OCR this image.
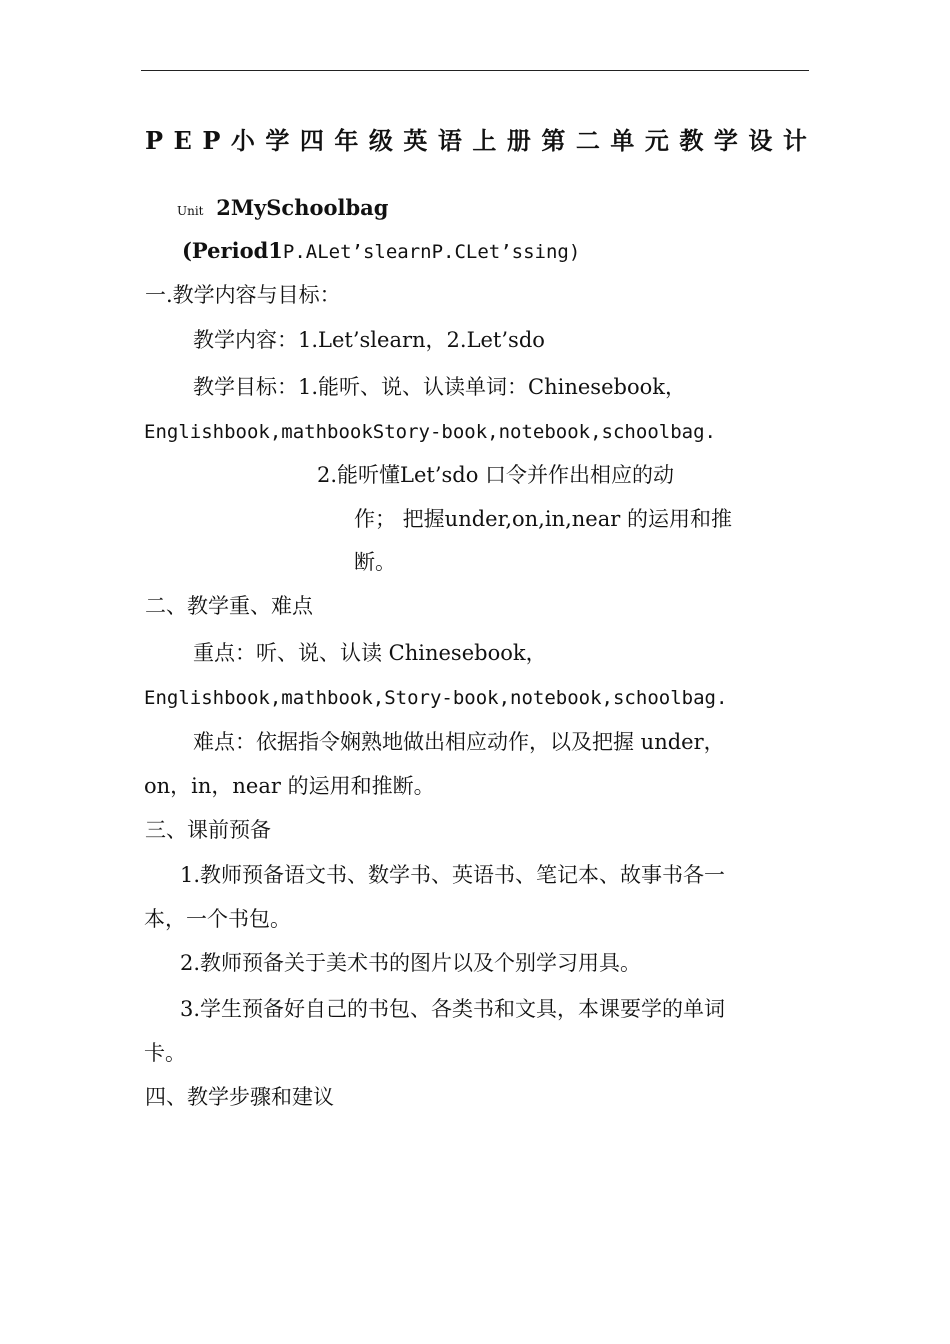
PEP小学四年级英语上册第二单元教学设计
Unit 2MySchoolbag
(Period1P.ALet’slearnP.CLet’ssing)
一.教学内容与目标：
教学内容：1.Let’slearn，2.Let’sdo
教学目标：1.能听、说、认读单词：Chinesebook，
Englishbook,mathbookStory-book,notebook,schoolbag.
2.能听懂Let’sdo 口令并作出相应的动
作； 把握under,on,in,near 的运用和推
断。
二、教学重、难点
重点：听、说、认读 Chinesebook，
Englishbook,mathbook,Story-book,notebook,schoolbag.
难点：依据指令娴熟地做出相应动作，以及把握 under，
on，in，near 的运用和推断。
三、课前预备
1.教师预备语文书、数学书、英语书、笔记本、故事书各一
本，一个书包。
2.教师预备关于美术书的图片以及个别学习用具。
3.学生预备好自己的书包、各类书和文具，本课要学的单词
卡。
四、教学步骤和建议
